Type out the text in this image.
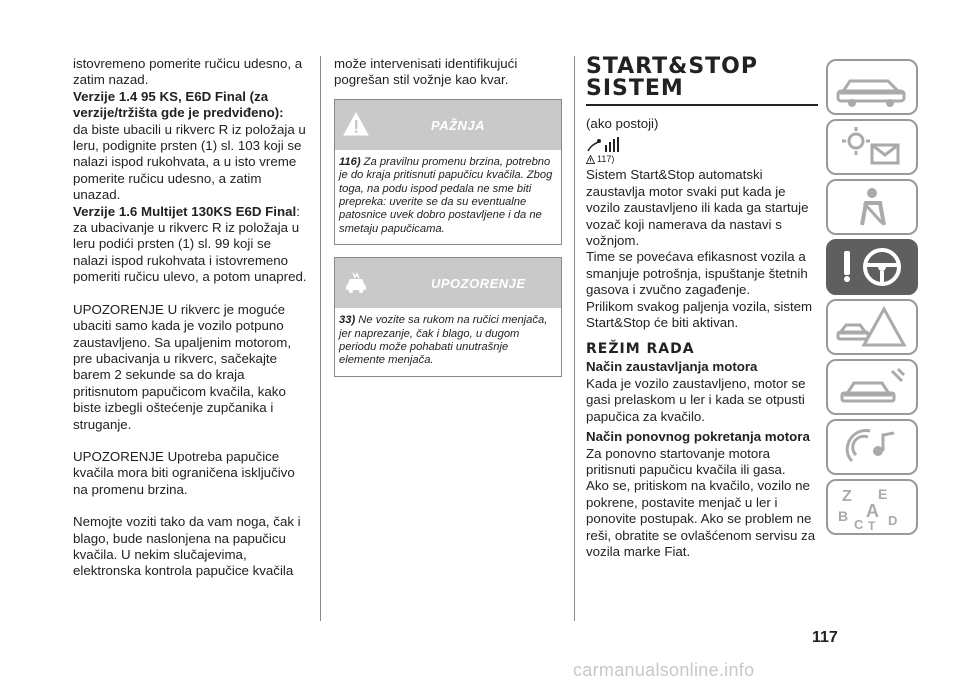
istovremeno pomerite ručicu udesno, a zatim nazad.

Verzije 1.4 95 KS, E6D Final (za verzije/tržišta gde je predviđeno):

da biste ubacili u rikverc R iz položaja u leru, podignite prsten (1) sl. 103 koji se nalazi ispod rukohvata, a u isto vreme pomerite ručicu udesno, a zatim unazad.

Verzije 1.6 Multijet 130KS E6D Final: za ubacivanje u rikverc R iz položaja u leru podići prsten (1) sl. 99 koji se nalazi ispod rukohvata i istovremeno pomeriti ručicu ulevo, a potom unapred.

UPOZORENJE U rikverc je moguće ubaciti samo kada je vozilo potpuno zaustavljeno. Sa upaljenim motorom, pre ubacivanja u rikverc, sačekajte barem 2 sekunde sa do kraja pritisnutom papučicom kvačila, kako biste izbegli oštećenje zupčanika i struganje.

UPOZORENJE Upotreba papučice kvačila mora biti ograničena isključivo na promenu brzina.

Nemojte voziti tako da vam noga, čak i blago, bude naslonjena na papučicu kvačila. U nekim slučajevima, elektronska kontrola papučice kvačila

može intervenisati identifikujući pogrešan stil vožnje kao kvar.

PAŽNJA
116) Za pravilnu promenu brzina, potrebno je do kraja pritisnuti papučicu kvačila. Zbog toga, na podu ispod pedala ne sme biti prepreka: uverite se da su eventualne patosnice uvek dobro postavljene i da ne smetaju papučicama.
UPOZORENJE
33) Ne vozite sa rukom na ručici menjača, jer naprezanje, čak i blago, u dugom periodu može pohabati unutrašnje elemente menjača.
START&STOP
SISTEM

(ako postoji)

117)

Sistem Start&Stop automatski zaustavlja motor svaki put kada je vozilo zaustavljeno ili kada ga startuje vozač koji namerava da nastavi s vožnjom.

Time se povećava efikasnost vozila a smanjuje potrošnja, ispuštanje štetnih gasova i zvučno zagađenje.

Prilikom svakog paljenja vozila, sistem Start&Stop će biti aktivan.

REŽIM RADA

Način zaustavljanja motora

Kada je vozilo zaustavljeno, motor se gasi prelaskom u ler i kada se otpusti papučica za kvačilo.

Način ponovnog pokretanja motora

Za ponovno startovanje motora pritisnuti papučicu kvačila ili gasa.

Ako se, pritiskom na kvačilo, vozilo ne pokrene, postavite menjač u ler i ponovite postupak. Ako se problem ne reši, obratite se ovlašćenom servisu za vozila marke Fiat.

Z E
B A
C T D
117
carmanualsonline.info
